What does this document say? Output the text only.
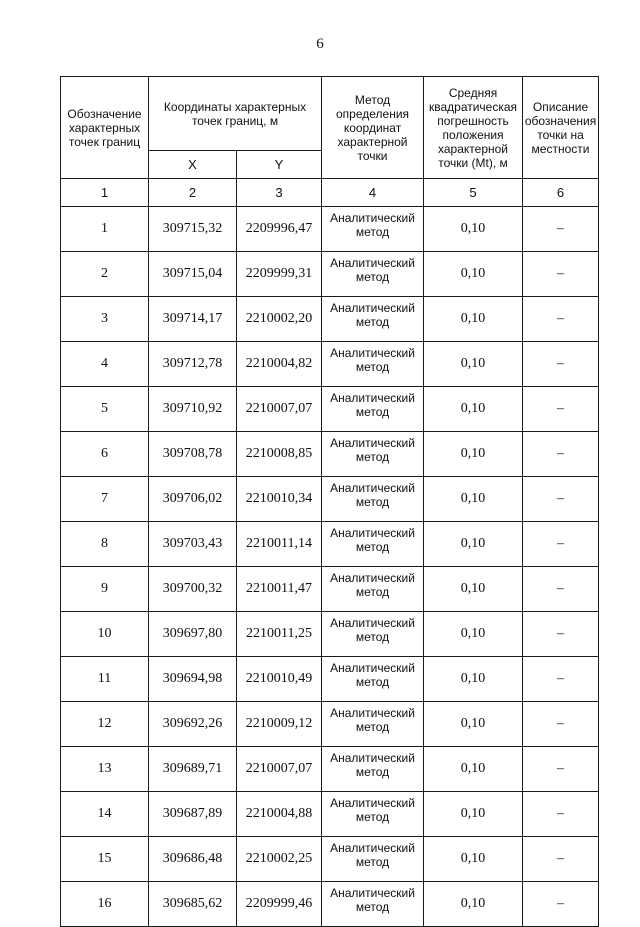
6
Обозначение характерных точек границ	Координаты характерных точек границ, м		Метод определения координат характерной точки	Средняя квадратическая погрешность положения характерной точки (Mt), м	Описание обозначения точки на местности
	X	Y			
1	2	3	4	5	6
1	309715,32	2209996,47	Аналитический метод	0,10	–
2	309715,04	2209999,31	Аналитический метод	0,10	–
3	309714,17	2210002,20	Аналитический метод	0,10	–
4	309712,78	2210004,82	Аналитический метод	0,10	–
5	309710,92	2210007,07	Аналитический метод	0,10	–
6	309708,78	2210008,85	Аналитический метод	0,10	–
7	309706,02	2210010,34	Аналитический метод	0,10	–
8	309703,43	2210011,14	Аналитический метод	0,10	–
9	309700,32	2210011,47	Аналитический метод	0,10	–
10	309697,80	2210011,25	Аналитический метод	0,10	–
11	309694,98	2210010,49	Аналитический метод	0,10	–
12	309692,26	2210009,12	Аналитический метод	0,10	–
13	309689,71	2210007,07	Аналитический метод	0,10	–
14	309687,89	2210004,88	Аналитический метод	0,10	–
15	309686,48	2210002,25	Аналитический метод	0,10	–
16	309685,62	2209999,46	Аналитический метод	0,10	–
